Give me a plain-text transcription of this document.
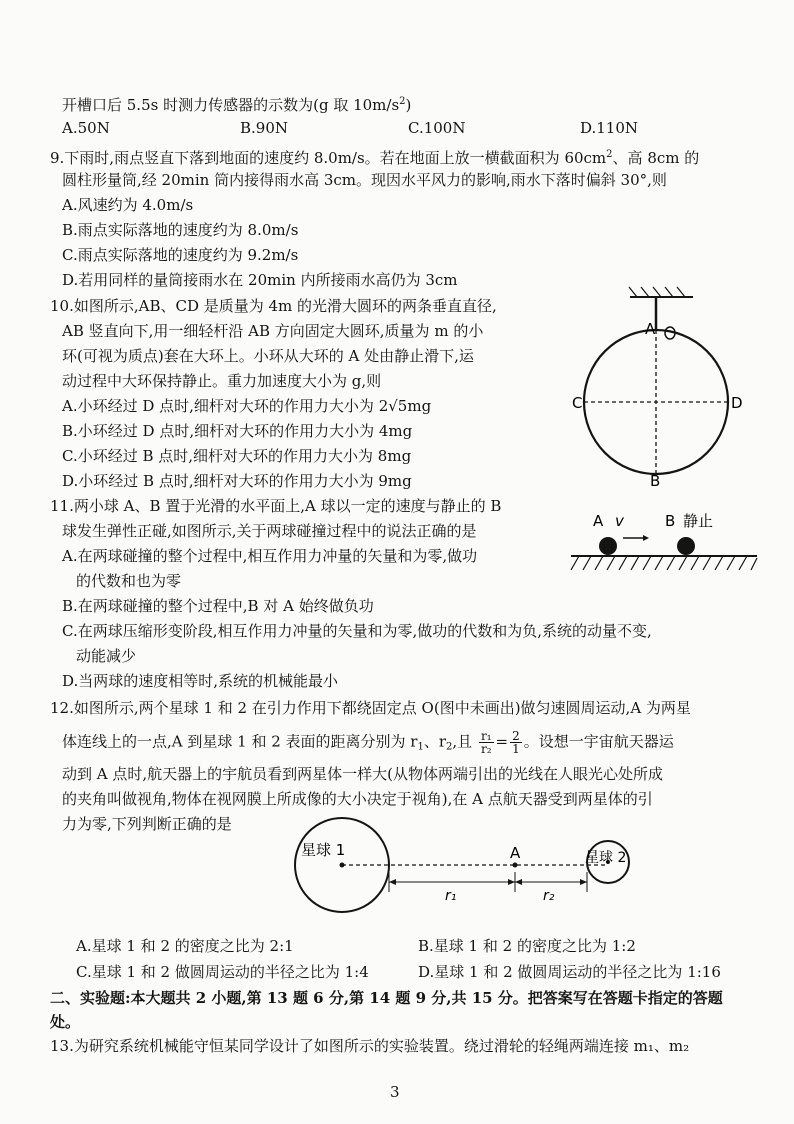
开槽口后 5.5s 时测力传感器的示数为(g 取 $10m/s^2$)
A.50N	B.90N	C.100N	D.110N
9.下雨时,雨点竖直下落到地面的速度约 8.0m/s。若在地面上放一横截面积为 $60cm^2$、高 8cm 的
圆柱形量筒,经 20min 筒内接得雨水高 3cm。现因水平风力的影响,雨水下落时偏斜 30°,则
A.风速约为 4.0m/s
B.雨点实际落地的速度约为 8.0m/s
C.雨点实际落地的速度约为 9.2m/s
D.若用同样的量筒接雨水在 20min 内所接雨水高仍为 3cm
10.如图所示,AB、CD 是质量为 4m 的光滑大圆环的两条垂直直径,
AB 竖直向下,用一细轻杆沿 AB 方向固定大圆环,质量为 m 的小
环(可视为质点)套在大环上。小环从大环的 A 处由静止滑下,运
动过程中大环保持静止。重力加速度大小为 g,则
A.小环经过 D 点时,细杆对大环的作用力大小为 2√5mg
B.小环经过 D 点时,细杆对大环的作用力大小为 4mg
C.小环经过 B 点时,细杆对大环的作用力大小为 8mg
D.小环经过 B 点时,细杆对大环的作用力大小为 9mg
A
B
C	D
11.两小球 A、B 置于光滑的水平面上,A 球以一定的速度与静止的 B
球发生弹性正碰,如图所示,关于两球碰撞过程中的说法正确的是
A.在两球碰撞的整个过程中,相互作用力冲量的矢量和为零,做功
的代数和也为零
B.在两球碰撞的整个过程中,B 对 A 始终做负功
C.在两球压缩形变阶段,相互作用力冲量的矢量和为零,做功的代数和为负,系统的动量不变,
动能减少
D.当两球的速度相等时,系统的机械能最小
A v	B 静止
12.如图所示,两个星球 1 和 2 在引力作用下都绕固定点 O(图中未画出)做匀速圆周运动,A 为两星
体连线上的一点,A 到星球 1 和 2 表面的距离分别为 $r_1$、$r_2$,且 $\frac{\text{r₁}}{\text{r₂}} = \frac{2}{1}$ 。设想一宇宙航天器运
动到 A 点时,航天器上的宇航员看到两星体一样大(从物体两端引出的光线在人眼光心处所成
的夹角叫做视角,物体在视网膜上所成像的大小决定于视角),在 A 点航天器受到两星体的引
力为零,下列判断正确的是
星球 1	星球 2
A
r₁	r₂
A.星球 1 和 2 的密度之比为 2:1	B.星球 1 和 2 的密度之比为 1:2
C.星球 1 和 2 做圆周运动的半径之比为 1:4	D.星球 1 和 2 做圆周运动的半径之比为 1:16
二、实验题:本大题共 2 小题,第 13 题 6 分,第 14 题 9 分,共 15 分。把答案写在答题卡指定的答题
处。
13.为研究系统机械能守恒某同学设计了如图所示的实验装置。绕过滑轮的轻绳两端连接 m₁、m₂
3
